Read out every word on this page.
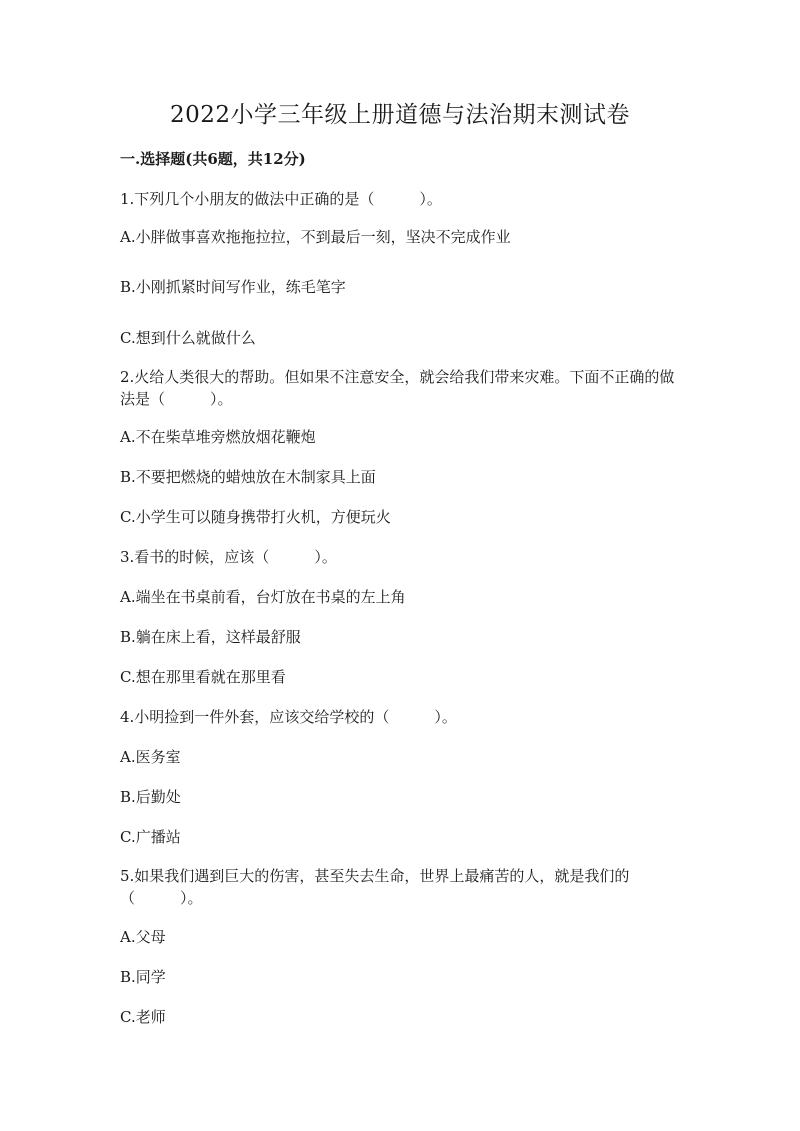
2022小学三年级上册道德与法治期末测试卷
一.选择题(共6题，共12分)
1.下列几个小朋友的做法中正确的是（　　　）。
A.小胖做事喜欢拖拖拉拉，不到最后一刻，坚决不完成作业
B.小刚抓紧时间写作业，练毛笔字
C.想到什么就做什么
2.火给人类很大的帮助。但如果不注意安全，就会给我们带来灾难。下面不正确的做法是（　　　）。
A.不在柴草堆旁燃放烟花鞭炮
B.不要把燃烧的蜡烛放在木制家具上面
C.小学生可以随身携带打火机，方便玩火
3.看书的时候，应该（　　　）。
A.端坐在书桌前看，台灯放在书桌的左上角
B.躺在床上看，这样最舒服
C.想在那里看就在那里看
4.小明捡到一件外套，应该交给学校的（　　　）。
A.医务室
B.后勤处
C.广播站
5.如果我们遇到巨大的伤害，甚至失去生命，世界上最痛苦的人，就是我们的（　　　）。
A.父母
B.同学
C.老师
